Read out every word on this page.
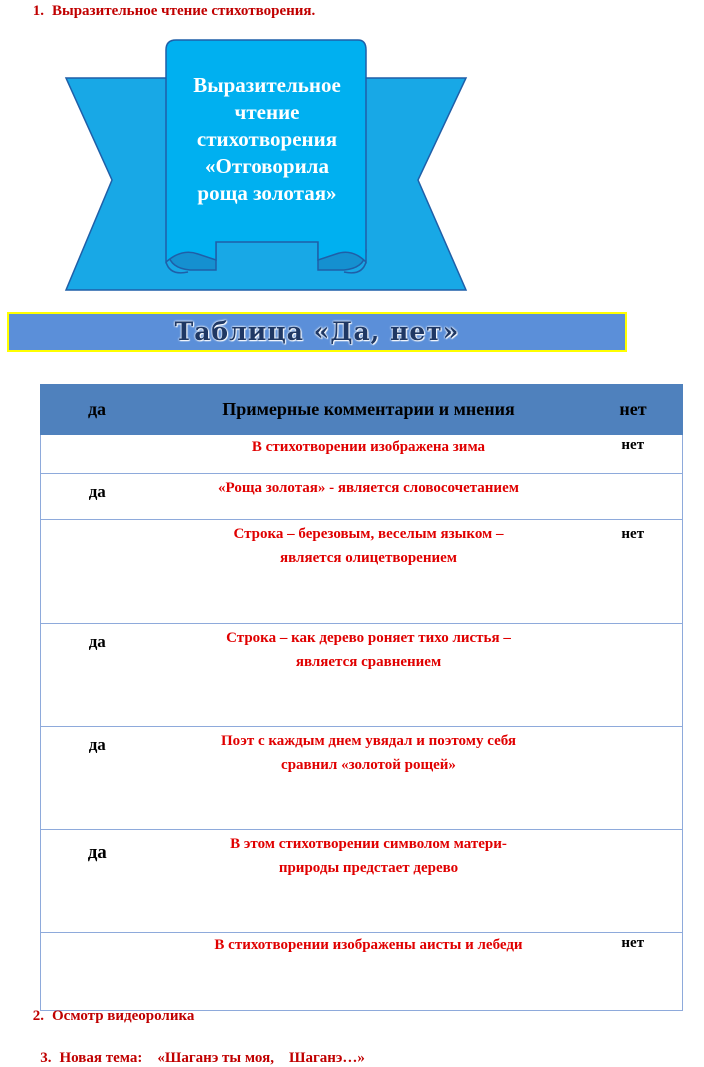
1. Выразительное чтение стихотворения.
Выразительное
чтение
стихотворения
«Отговорила
роща золотая»
Таблица «Да, нет»
да	Примерные комментарии и мнения	нет

	В стихотворении изображена зима	нет

да	«Роща золотая» - является словосочетанием	

	Строка – березовым, веселым языком –
является олицетворением	нет

да	Строка – как дерево роняет тихо листья –
является сравнением	

да	Поэт с каждым днем увядал и поэтому себя
сравнил «золотой рощей»	

да	В этом стихотворении символом матери-
природы предстает дерево	

	В стихотворении изображены аисты и лебеди	нет
2. Осмотр видеоролика

3. Новая тема:    «Шаганэ ты моя,    Шаганэ…»
